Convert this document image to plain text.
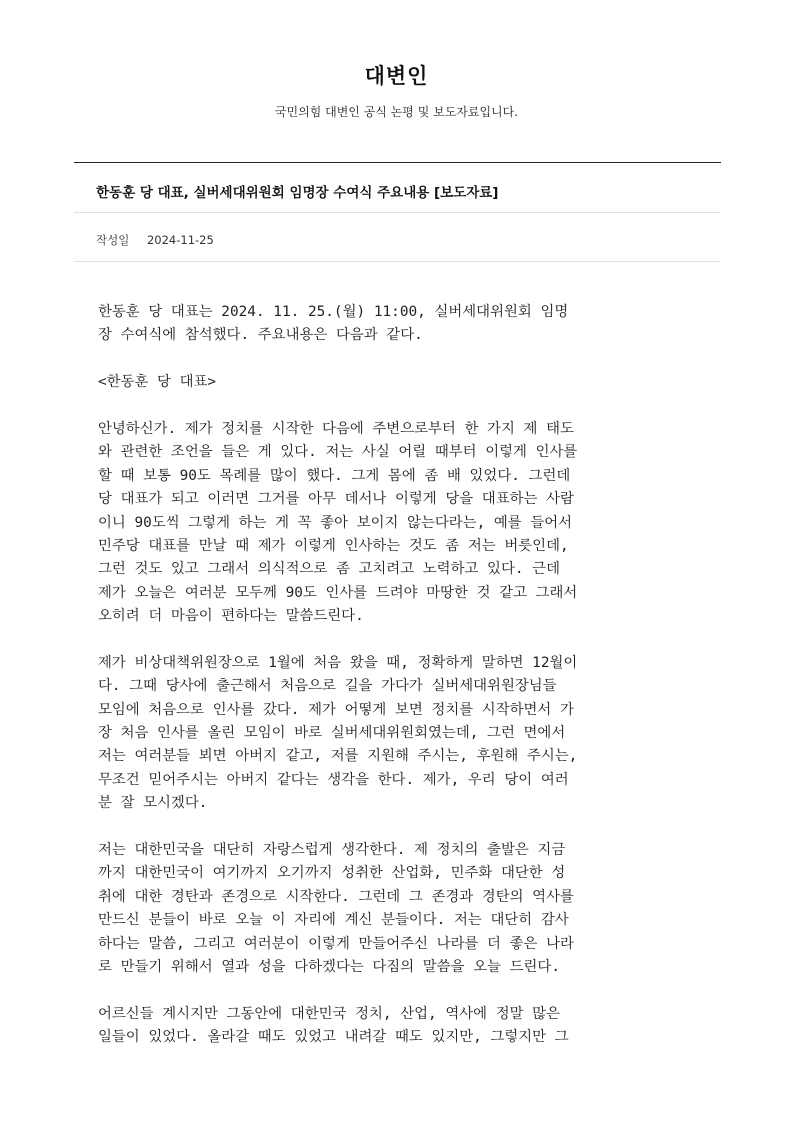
대변인

국민의힘 대변인 공식 논평 및 보도자료입니다.

한동훈 당 대표, 실버세대위원회 임명장 수여식 주요내용 [보도자료]
작성일 2024-11-25
한동훈 당 대표는 2024. 11. 25.(월) 11:00, 실버세대위원회 임명
장 수여식에 참석했다. 주요내용은 다음과 같다.
<한동훈 당 대표>
안녕하신가. 제가 정치를 시작한 다음에 주변으로부터 한 가지 제 태도
와 관련한 조언을 들은 게 있다. 저는 사실 어릴 때부터 이렇게 인사를
할 때 보통 90도 목례를 많이 했다. 그게 몸에 좀 배 있었다. 그런데
당 대표가 되고 이러면 그거를 아무 데서나 이렇게 당을 대표하는 사람
이니 90도씩 그렇게 하는 게 꼭 좋아 보이지 않는다라는, 예를 들어서
민주당 대표를 만날 때 제가 이렇게 인사하는 것도 좀 저는 버릇인데,
그런 것도 있고 그래서 의식적으로 좀 고치려고 노력하고 있다. 근데
제가 오늘은 여러분 모두께 90도 인사를 드려야 마땅한 것 같고 그래서
오히려 더 마음이 편하다는 말씀드린다.
제가 비상대책위원장으로 1월에 처음 왔을 때, 정확하게 말하면 12월이
다. 그때 당사에 출근해서 처음으로 길을 가다가 실버세대위원장님들
모임에 처음으로 인사를 갔다. 제가 어떻게 보면 정치를 시작하면서 가
장 처음 인사를 올린 모임이 바로 실버세대위원회였는데, 그런 면에서
저는 여러분들 뵈면 아버지 같고, 저를 지원해 주시는, 후원해 주시는,
무조건 믿어주시는 아버지 같다는 생각을 한다. 제가, 우리 당이 여러
분 잘 모시겠다.
저는 대한민국을 대단히 자랑스럽게 생각한다. 제 정치의 출발은 지금
까지 대한민국이 여기까지 오기까지 성취한 산업화, 민주화 대단한 성
취에 대한 경탄과 존경으로 시작한다. 그런데 그 존경과 경탄의 역사를
만드신 분들이 바로 오늘 이 자리에 계신 분들이다. 저는 대단히 감사
하다는 말씀, 그리고 여러분이 이렇게 만들어주신 나라를 더 좋은 나라
로 만들기 위해서 열과 성을 다하겠다는 다짐의 말씀을 오늘 드린다.
어르신들 계시지만 그동안에 대한민국 정치, 산업, 역사에 정말 많은
일들이 있었다. 올라갈 때도 있었고 내려갈 때도 있지만, 그렇지만 그
